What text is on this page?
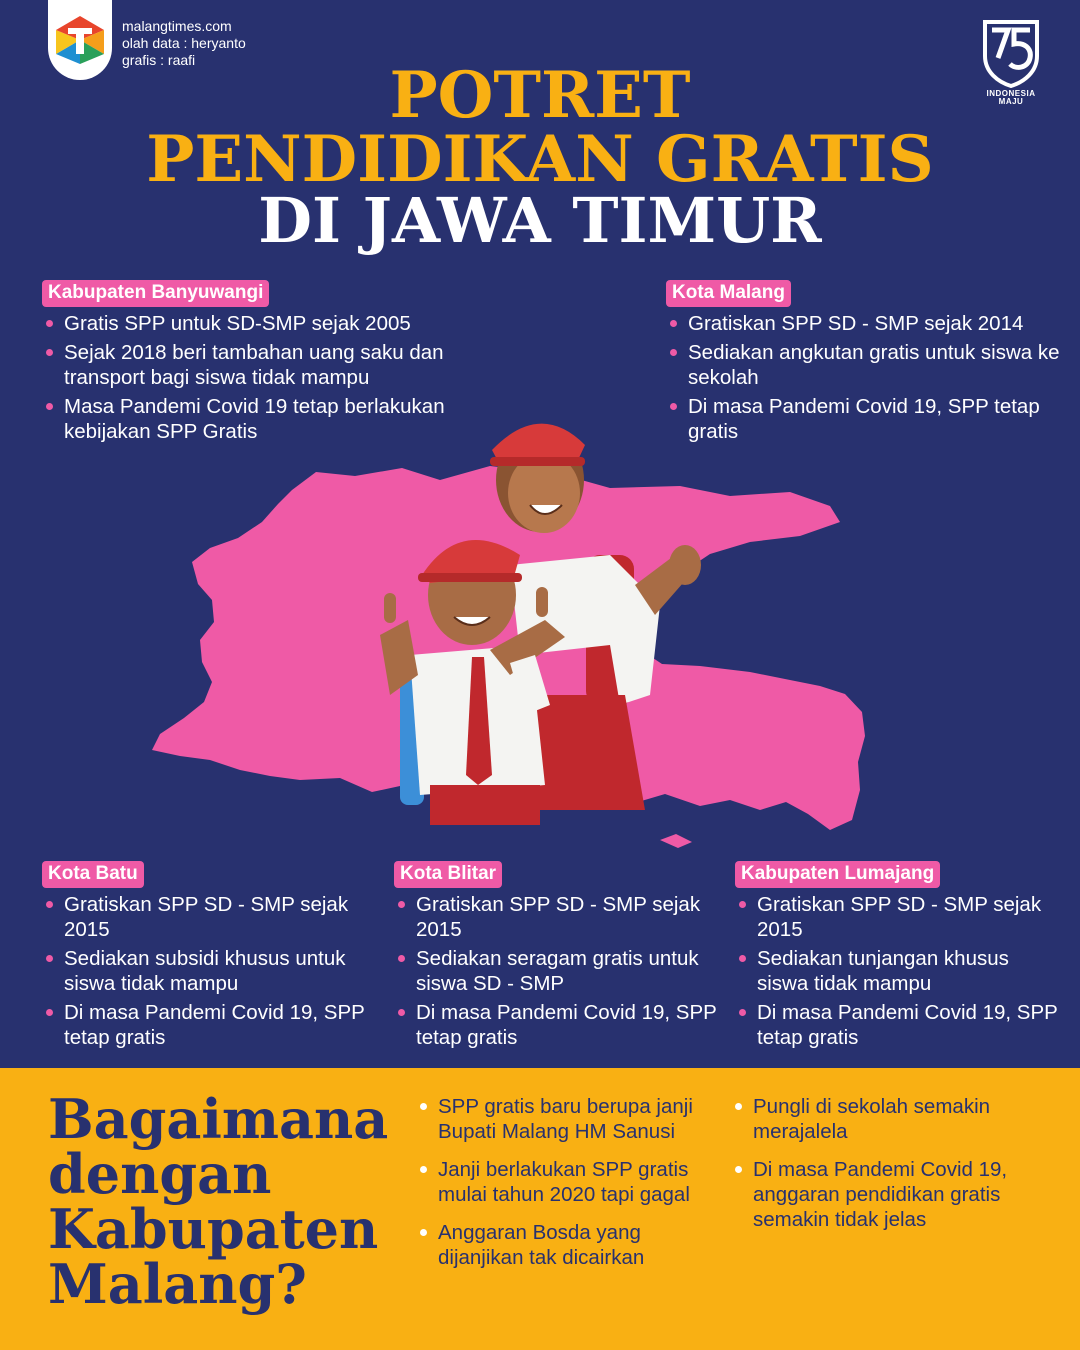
malangtimes.com
olah data : heryanto
grafis : raafi
INDONESIA
MAJU
POTRET
PENDIDIKAN GRATIS
DI JAWA TIMUR
Kabupaten Banyuwangi
Gratis SPP untuk SD-SMP sejak 2005
Sejak 2018 beri tambahan uang saku dan transport bagi siswa tidak mampu
Masa Pandemi Covid 19 tetap berlakukan kebijakan SPP Gratis
Kota Malang
Gratiskan SPP SD - SMP sejak 2014
Sediakan angkutan gratis untuk siswa ke sekolah
Di masa Pandemi Covid 19, SPP tetap gratis
Kota Batu
Gratiskan SPP SD - SMP sejak 2015
Sediakan subsidi khusus untuk siswa tidak mampu
Di masa Pandemi Covid 19, SPP tetap gratis
Kota Blitar
Gratiskan SPP SD - SMP sejak 2015
Sediakan seragam gratis untuk siswa SD - SMP
Di masa Pandemi Covid 19, SPP tetap gratis
Kabupaten Lumajang
Gratiskan SPP SD - SMP sejak 2015
Sediakan tunjangan khusus siswa tidak mampu
Di masa Pandemi Covid 19, SPP tetap gratis
Bagaimana
dengan
Kabupaten
Malang?
SPP gratis baru berupa janji Bupati Malang HM Sanusi
Janji berlakukan SPP gratis mulai tahun 2020 tapi gagal
Anggaran Bosda yang dijanjikan tak dicairkan
Pungli di sekolah semakin merajalela
Di masa Pandemi Covid 19, anggaran pendidikan gratis semakin tidak jelas
